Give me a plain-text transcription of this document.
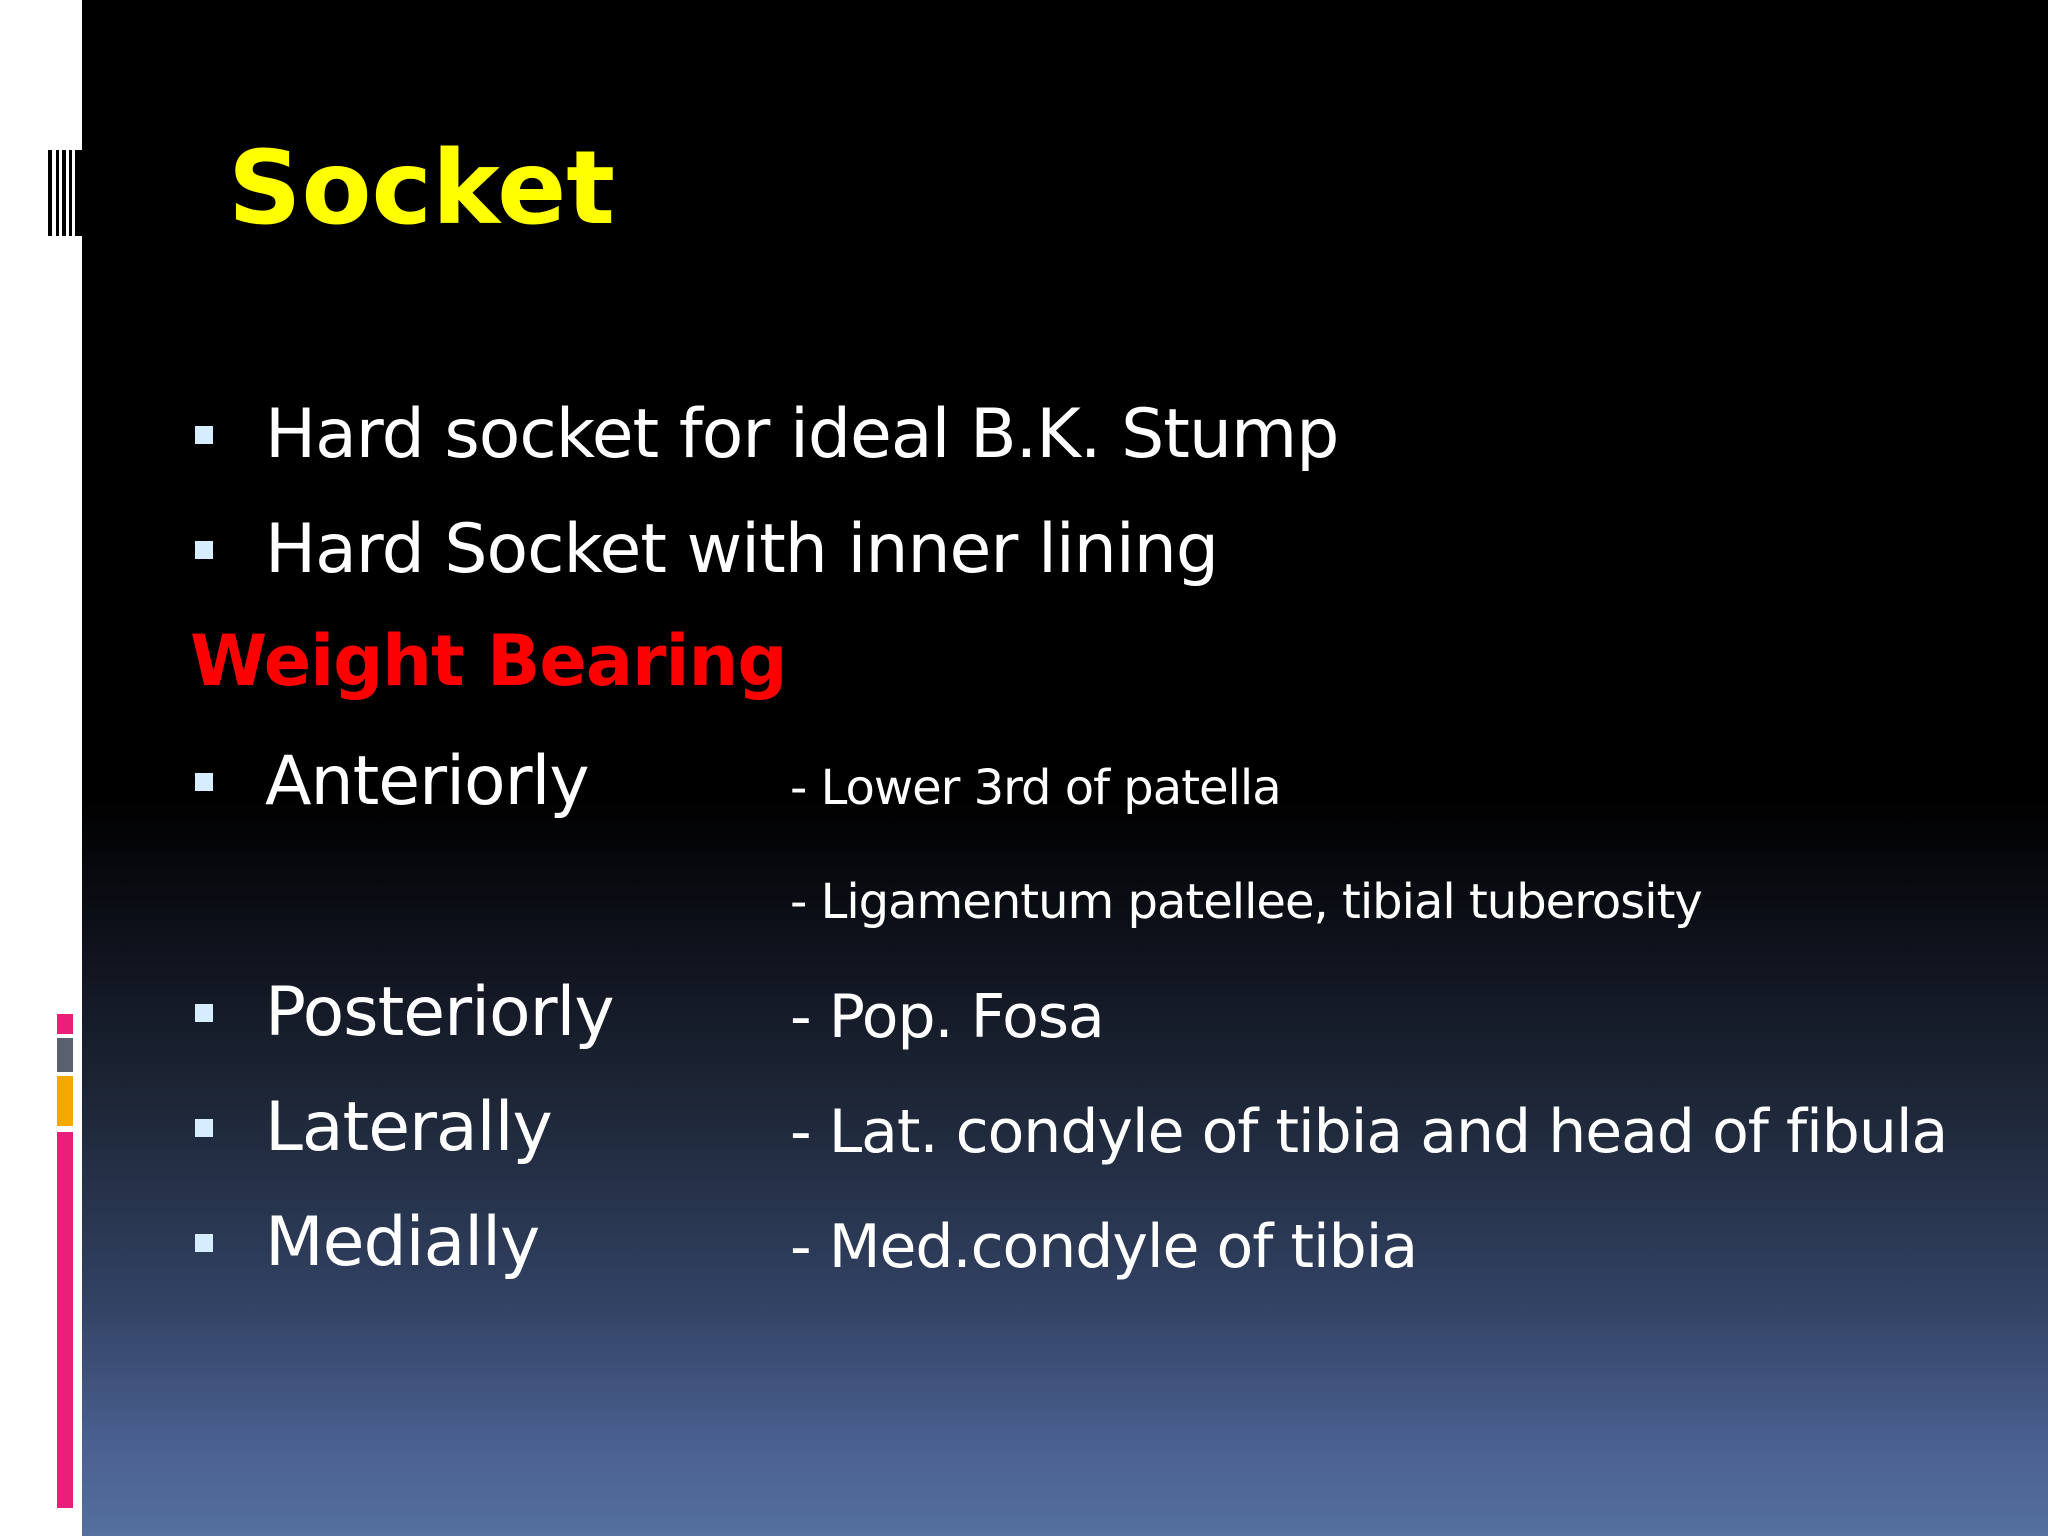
Socket
Hard socket for ideal B.K. Stump
Hard Socket with inner lining
Weight Bearing
Anteriorly	- Lower 3rd of patella
- Ligamentum patellee, tibial tuberosity
Posteriorly	- Pop. Fosa
Laterally	- Lat. condyle of tibia and head of fibula
Medially	- Med.condyle of tibia
